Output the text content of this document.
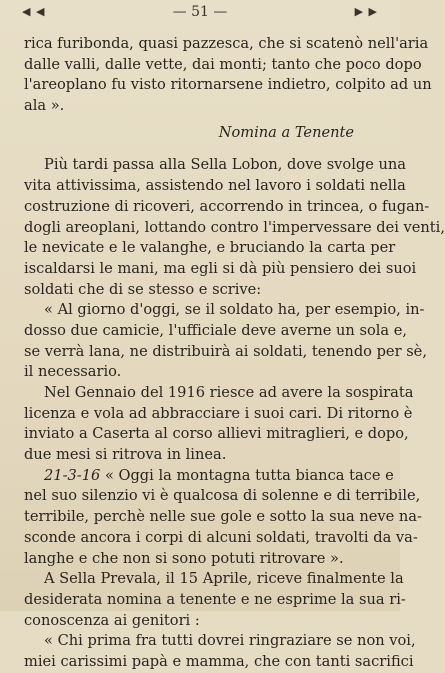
◀ ◀	— 51 —	▶ ▶
rica furibonda, quasi pazzesca, che si scatenò nell'aria
dalle valli, dalle vette, dai monti; tanto che poco dopo
l'areoplano fu visto ritornarsene indietro, colpito ad un
ala ».
Nomina a Tenente
Più tardi passa alla Sella Lobon, dove svolge una
vita attivissima, assistendo nel lavoro i soldati nella
costruzione di ricoveri, accorrendo in trincea, o fugan-
dogli areoplani, lottando contro l'impervessare dei venti,
le nevicate e le valanghe, e bruciando la carta per
iscaldarsi le mani, ma egli si dà più pensiero dei suoi
soldati che di se stesso e scrive:
« Al giorno d'oggi, se il soldato ha, per esempio, in-
dosso due camicie, l'ufficiale deve averne un sola e,
se verrà lana, ne distribuirà ai soldati, tenendo per sè,
il necessario.
Nel Gennaio del 1916 riesce ad avere la sospirata
licenza e vola ad abbracciare i suoi cari. Di ritorno è
inviato a Caserta al corso allievi mitraglieri, e dopo,
due mesi si ritrova in linea.
21-3-16 « Oggi la montagna tutta bianca tace e
nel suo silenzio vi è qualcosa di solenne e di terribile,
terribile, perchè nelle sue gole e sotto la sua neve na-
sconde ancora i corpi di alcuni soldati, travolti da va-
langhe e che non si sono potuti ritrovare ».
A Sella Prevala, il 15 Aprile, riceve finalmente la
desiderata nomina a tenente e ne esprime la sua ri-
conoscenza ai genitori :
« Chi prima fra tutti dovrei ringraziare se non voi,
miei carissimi papà e mamma, che con tanti sacrifici
